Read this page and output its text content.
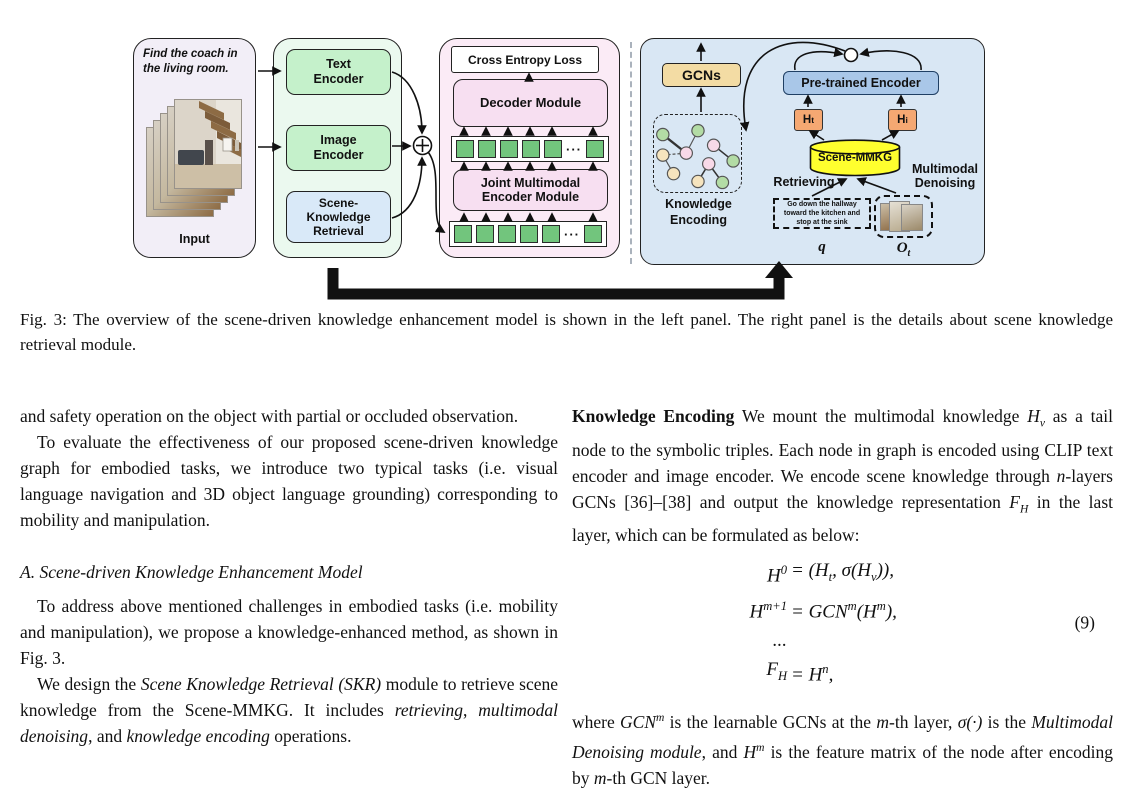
Find the coach in the living room.
Input
Text Encoder
Image Encoder
Scene-Knowledge Retrieval
Cross Entropy Loss
Decoder Module
···
Joint Multimodal Encoder Module
···
GCNs
Knowledge Encoding
Pre-trained Encoder
H t	H i
Scene-MMKG
Retrieving
Multimodal Denoising
Go down the hallway toward the kitchen and stop at the sink
q	$O_t$

Fig. 3: The overview of the scene-driven knowledge enhancement model is shown in the left panel. The right panel is the details about scene knowledge retrieval module.

and safety operation on the object with partial or occluded observation.

To evaluate the effectiveness of our proposed scene-driven knowledge graph for embodied tasks, we introduce two typical tasks (i.e. visual language navigation and 3D object language grounding) corresponding to mobility and manipulation.

A. Scene-driven Knowledge Enhancement Model

To address above mentioned challenges in embodied tasks (i.e. mobility and manipulation), we propose a knowledge-enhanced method, as shown in Fig. 3.

We design the Scene Knowledge Retrieval (SKR) module to retrieve scene knowledge from the Scene-MMKG. It includes retrieving, multimodal denoising, and knowledge encoding operations.

Knowledge Encoding We mount the multimodal knowledge $H_v$ as a tail node to the symbolic triples. Each node in graph is encoded using CLIP text encoder and image encoder. We encode scene knowledge through n-layers GCNs [36]–[38] and output the knowledge representation $F_H$ in the last layer, which can be formulated as below:

$H^0 = (H_t$, $\sigma(H_v)$),
$H^{m+1} = GCN^m(H^m)$,
...
$F_H = H^n$,
(9)

where GCN$^m$ is the learnable GCNs at the m-th layer, σ(·) is the Multimodal Denoising module, and $H^m$ is the feature matrix of the node after encoding by m-th GCN layer.
